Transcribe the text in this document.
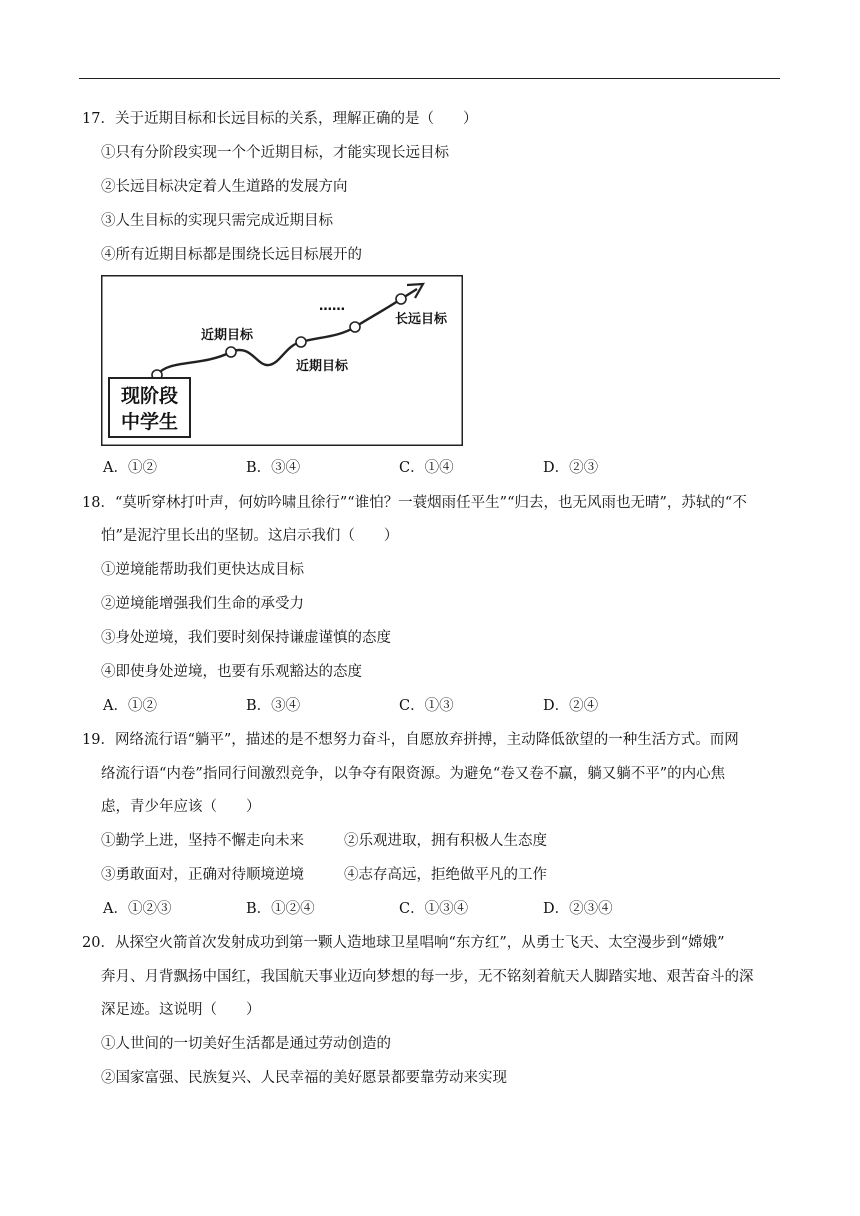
17．关于近期目标和长远目标的关系，理解正确的是（　　）
①只有分阶段实现一个个近期目标，才能实现长远目标
②长远目标决定着人生道路的发展方向
③人生目标的实现只需完成近期目标
④所有近期目标都是围绕长远目标展开的
现阶段
中学生
近期目标
近期目标
长远目标
……
A．①②	B．③④	C．①④	D．②③
18．“莫听穿林打叶声，何妨吟啸且徐行”“谁怕？一蓑烟雨任平生”“归去，也无风雨也无晴”，苏轼的“不
怕”是泥泞里长出的坚韧。这启示我们（　　）
①逆境能帮助我们更快达成目标
②逆境能增强我们生命的承受力
③身处逆境，我们要时刻保持谦虚谨慎的态度
④即使身处逆境，也要有乐观豁达的态度
A．①②	B．③④	C．①③	D．②④
19．网络流行语“躺平”，描述的是不想努力奋斗，自愿放弃拼搏，主动降低欲望的一种生活方式。而网
络流行语“内卷”指同行间激烈竞争，以争夺有限资源。为避免“卷又卷不赢，躺又躺不平”的内心焦
虑，青少年应该（　　）
①勤学上进，坚持不懈走向未来	②乐观进取，拥有积极人生态度
③勇敢面对，正确对待顺境逆境	④志存高远，拒绝做平凡的工作
A．①②③	B．①②④	C．①③④	D．②③④
20．从探空火箭首次发射成功到第一颗人造地球卫星唱响“东方红”，从勇士飞天、太空漫步到“嫦娥”
奔月、月背飘扬中国红，我国航天事业迈向梦想的每一步，无不铭刻着航天人脚踏实地、艰苦奋斗的深
深足迹。这说明（　　）
①人世间的一切美好生活都是通过劳动创造的
②国家富强、民族复兴、人民幸福的美好愿景都要靠劳动来实现
